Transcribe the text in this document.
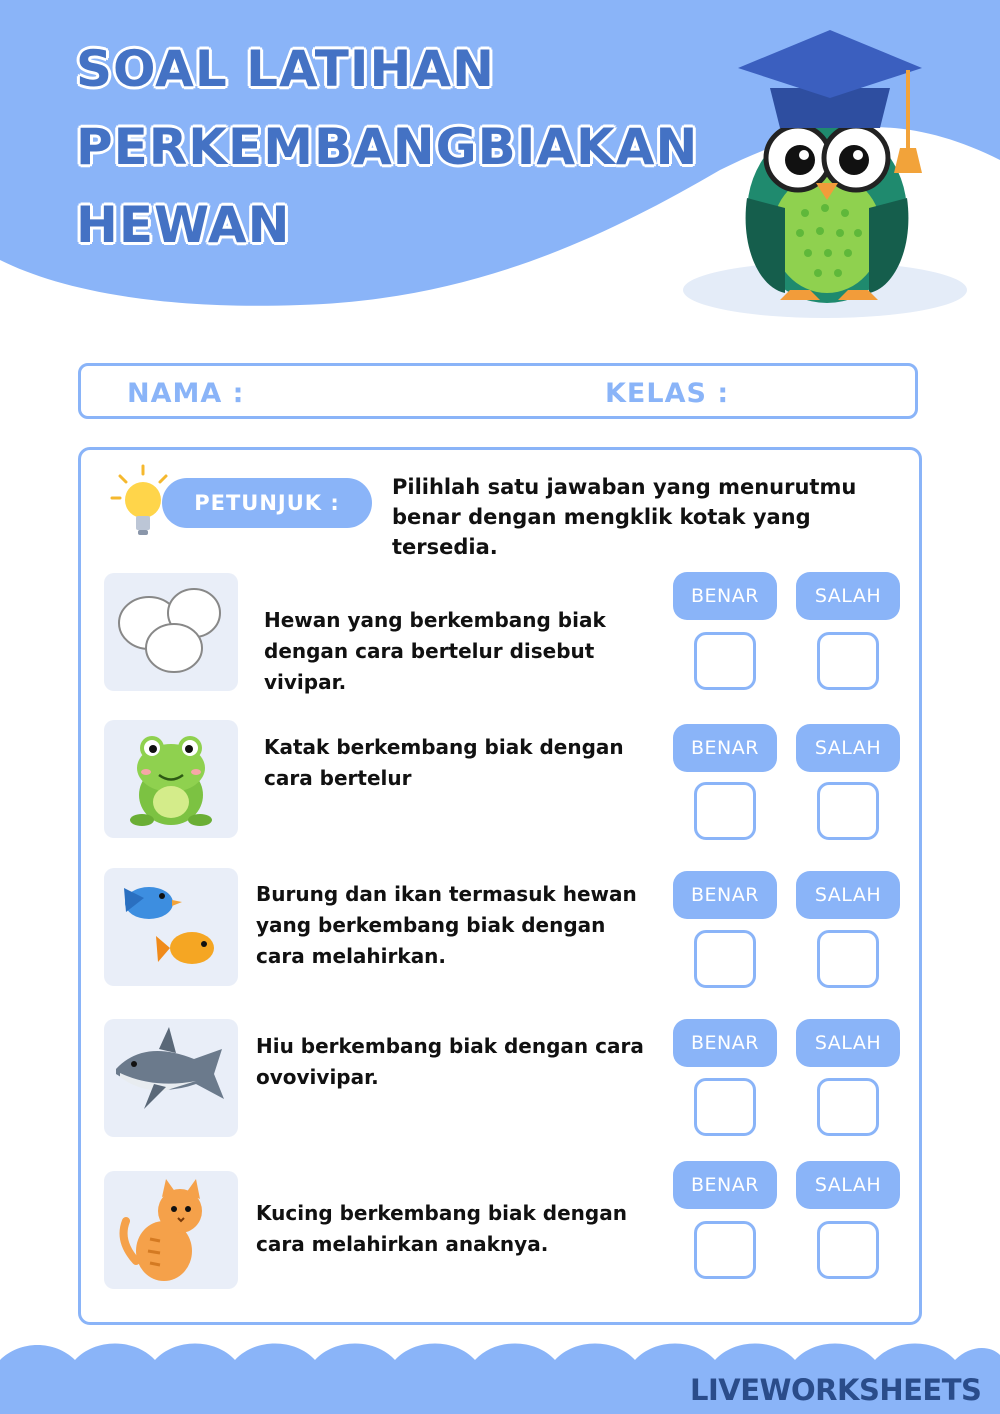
SOAL LATIHAN
PERKEMBANGBIAKAN
HEWAN
NAMA :	KELAS :
PETUNJUK :
Pilihlah satu jawaban yang menurutmu benar dengan mengklik kotak yang tersedia.
Hewan yang berkembang biak dengan cara bertelur disebut vivipar.
BENAR	SALAH
Katak berkembang biak dengan cara bertelur
BENAR	SALAH
Burung dan ikan termasuk hewan yang berkembang biak dengan cara melahirkan.
BENAR	SALAH
Hiu berkembang biak dengan cara ovovivipar.
BENAR	SALAH
Kucing berkembang biak dengan cara melahirkan anaknya.
BENAR	SALAH
LIVEWORKSHEETS
